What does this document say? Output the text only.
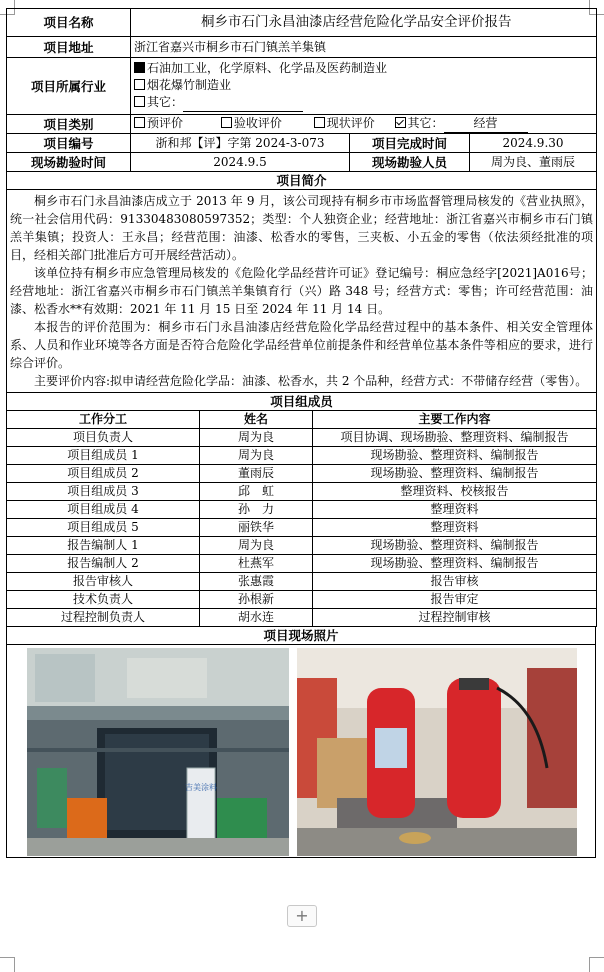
项目名称	桐乡市石门永昌油漆店经营危险化学品安全评价报告		
项目地址	浙江省嘉兴市桐乡市石门镇羔羊集镇		
项目所属行业	石油加工业，化学原料、化学品及医药制造业
烟花爆竹制造业
其它：		

项目类别	预评价 验收评价 现状评价 其它： 经营		
项目编号	浙和邦【评】字第 2024-3-073	项目完成时间	2024.9.30
现场勘验时间	2024.9.5	现场勘验人员	周为良、董雨辰
项目简介			

桐乡市石门永昌油漆店成立于 2013 年 9 月，该公司现持有桐乡市市场监督管理局核发的《营业执照》，统一社会信用代码：91330483080597352；类型：个人独资企业；经营地址：浙江省嘉兴市桐乡市石门镇羔羊集镇；投资人：王永昌；经营范围：油漆、松香水的零售，三夹板、小五金的零售（依法须经批准的项目，经相关部门批准后方可开展经营活动）。

该单位持有桐乡市应急管理局核发的《危险化学品经营许可证》登记编号：桐应急经字[2021]A016号；经营地址：浙江省嘉兴市桐乡市石门镇羔羊集镇育行（兴）路 348 号；经营方式：零售；许可经营范围：油漆、松香水**有效期：2021 年 11 月 15 日至 2024 年 11 月 14 日。

本报告的评价范围为：桐乡市石门永昌油漆店经营危险化学品经营过程中的基本条件、相关安全管理体系、人员和作业环境等各方面是否符合危险化学品经营单位前提条件和经营单位基本条件等相应的要求，进行综合评价。

主要评价内容:拟申请经营危险化学品：油漆、松香水，共 2 个品种，经营方式：不带储存经营（零售）。			

项目组成员		
工作分工	姓名	主要工作内容
项目负责人	周为良	项目协调、现场勘验、整理资料、编制报告
项目组成员 1	周为良	现场勘验、整理资料、编制报告
项目组成员 2	董雨辰	现场勘验、整理资料、编制报告
项目组成员 3	邱　虹	整理资料、校核报告
项目组成员 4	孙　力	整理资料
项目组成员 5	丽铁华	整理资料
报告编制人 1	周为良	现场勘验、整理资料、编制报告
报告编制人 2	杜燕军	现场勘验、整理资料、编制报告
报告审核人	张惠霞	报告审核
技术负责人	孙根新	报告审定
过程控制负责人	胡水连	过程控制审核
项目现场照片

吉美涂料
+
